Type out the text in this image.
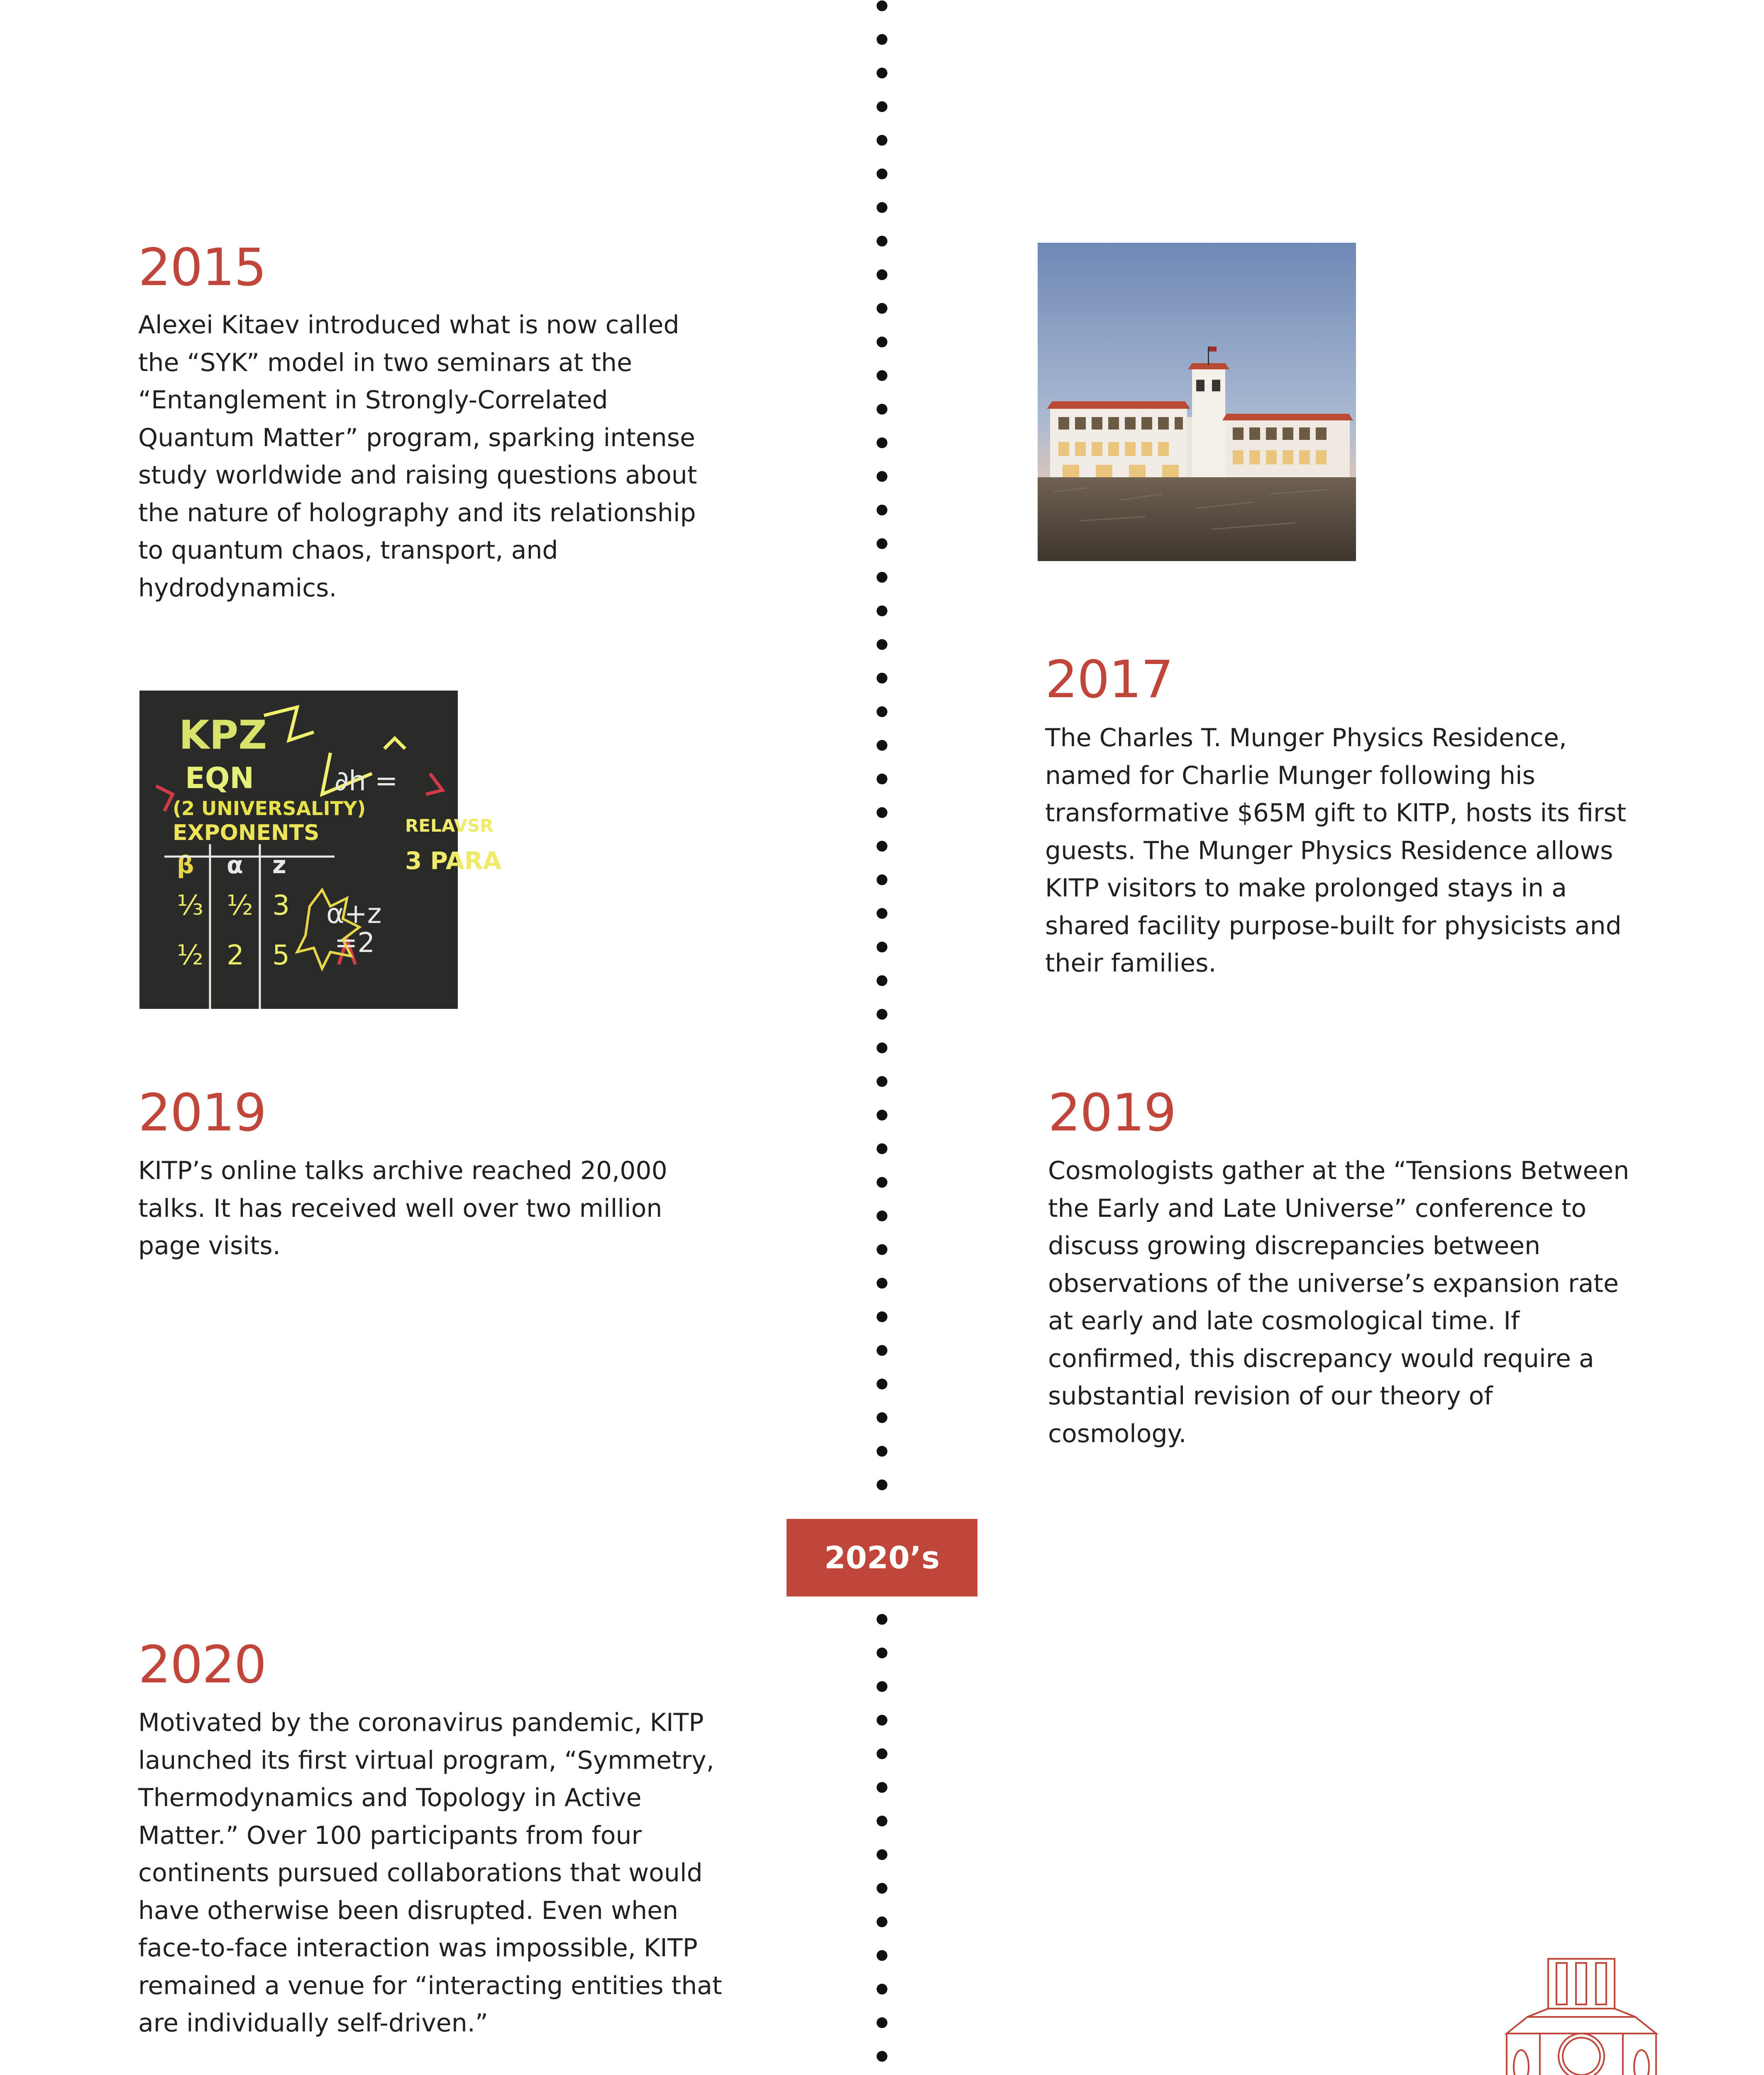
2020’s
2015

Alexei Kitaev introduced what is now called the “SYK” model in two seminars at the “Entanglement in Strongly-Correlated Quantum Matter” program, sparking intense study worldwide and raising questions about the nature of holography and its relationship to quantum chaos, transport, and hydrodynamics.

2017

The Charles T. Munger Physics Residence, named for Charlie Munger following his transformative $65M gift to KITP, hosts its first guests. The Munger Physics Residence allows KITP visitors to make prolonged stays in a shared facility purpose-built for physicists and their families.

KPZ
EQN
(2 UNIVERSALITY)
EXPONENTS
β α z
RELAVSR
3 PARA
⅓ ½ 3
½ 2 5
α+z
=2
∂h =
2019

KITP’s online talks archive reached 20,000 talks. It has received well over two million page visits.

2019

Cosmologists gather at the “Tensions Between the Early and Late Universe” conference to discuss growing discrepancies between observations of the universe’s expansion rate at early and late cosmological time. If confirmed, this discrepancy would require a substantial revision of our theory of cosmology.

2020

Motivated by the coronavirus pandemic, KITP launched its first virtual program, “Symmetry, Thermodynamics and Topology in Active Matter.” Over 100 participants from four continents pursued collaborations that would have otherwise been disrupted. Even when face-to-face interaction was impossible, KITP remained a venue for “interacting entities that are individually self-driven.”
